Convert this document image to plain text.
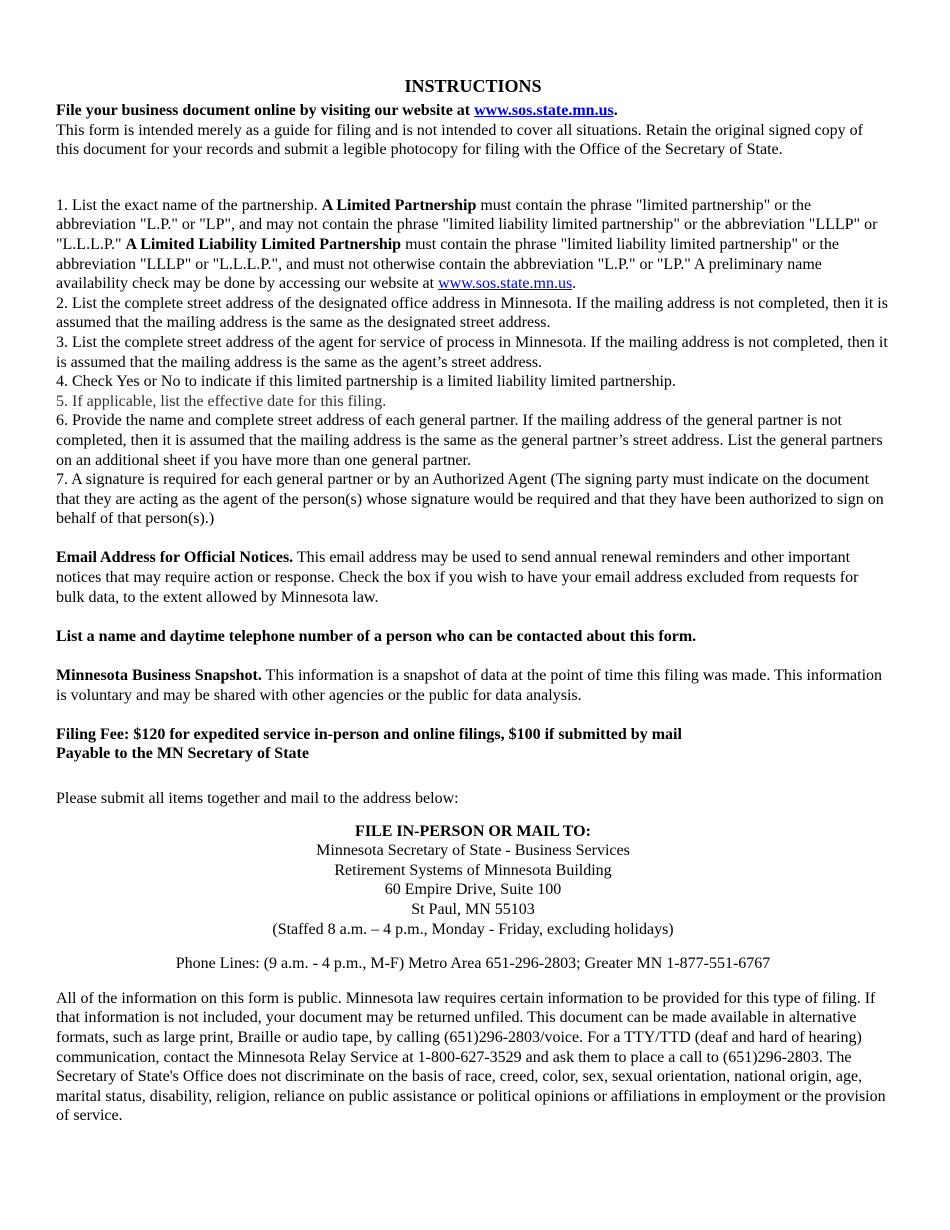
INSTRUCTIONS

File your business document online by visiting our website at www.sos.state.mn.us.

This form is intended merely as a guide for filing and is not intended to cover all situations. Retain the original signed copy of this document for your records and submit a legible photocopy for filing with the Office of the Secretary of State.

1. List the exact name of the partnership. A Limited Partnership must contain the phrase "limited partnership" or the abbreviation "L.P." or "LP", and may not contain the phrase "limited liability limited partnership" or the abbreviation "LLLP" or "L.L.L.P." A Limited Liability Limited Partnership must contain the phrase "limited liability limited partnership" or the abbreviation "LLLP" or "L.L.L.P.", and must not otherwise contain the abbreviation "L.P." or "LP." A preliminary name availability check may be done by accessing our website at www.sos.state.mn.us.

2. List the complete street address of the designated office address in Minnesota. If the mailing address is not completed, then it is assumed that the mailing address is the same as the designated street address.

3. List the complete street address of the agent for service of process in Minnesota. If the mailing address is not completed, then it is assumed that the mailing address is the same as the agent’s street address.

4. Check Yes or No to indicate if this limited partnership is a limited liability limited partnership.

5. If applicable, list the effective date for this filing.

6. Provide the name and complete street address of each general partner. If the mailing address of the general partner is not completed, then it is assumed that the mailing address is the same as the general partner’s street address. List the general partners on an additional sheet if you have more than one general partner.

7. A signature is required for each general partner or by an Authorized Agent (The signing party must indicate on the document that they are acting as the agent of the person(s) whose signature would be required and that they have been authorized to sign on behalf of that person(s).)

Email Address for Official Notices. This email address may be used to send annual renewal reminders and other important notices that may require action or response. Check the box if you wish to have your email address excluded from requests for bulk data, to the extent allowed by Minnesota law.

List a name and daytime telephone number of a person who can be contacted about this form.

Minnesota Business Snapshot. This information is a snapshot of data at the point of time this filing was made. This information is voluntary and may be shared with other agencies or the public for data analysis.

Filing Fee: $120 for expedited service in-person and online filings, $100 if submitted by mail

Payable to the MN Secretary of State

Please submit all items together and mail to the address below:

FILE IN-PERSON OR MAIL TO:

Minnesota Secretary of State - Business Services

Retirement Systems of Minnesota Building

60 Empire Drive, Suite 100

St Paul, MN 55103

(Staffed 8 a.m. – 4 p.m., Monday - Friday, excluding holidays)

Phone Lines: (9 a.m. - 4 p.m., M-F) Metro Area 651-296-2803; Greater MN 1-877-551-6767

All of the information on this form is public. Minnesota law requires certain information to be provided for this type of filing. If that information is not included, your document may be returned unfiled. This document can be made available in alternative formats, such as large print, Braille or audio tape, by calling (651)296-2803/voice. For a TTY/TTD (deaf and hard of hearing) communication, contact the Minnesota Relay Service at 1-800-627-3529 and ask them to place a call to (651)296-2803. The Secretary of State's Office does not discriminate on the basis of race, creed, color, sex, sexual orientation, national origin, age, marital status, disability, religion, reliance on public assistance or political opinions or affiliations in employment or the provision of service.
